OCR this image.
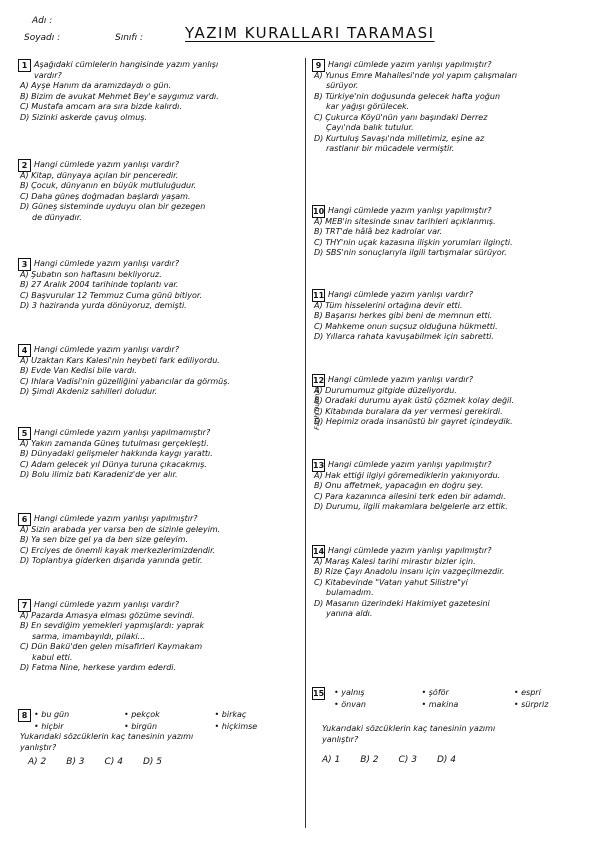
Adı :
Soyadı :	Sınıfı :	YAZIM KURALLARI TARAMASI
Fatih Durmaz
1 Aşağıdaki cümlelerin hangisinde yazım yanlışı
vardır?
A) Ayşe Hanım da aramızdaydı o gün.
B) Bizim de avukat Mehmet Bey'e saygımız vardı.
C) Mustafa amcam ara sıra bizde kalırdı.
D) Sizinki askerde çavuş olmuş.
2 Hangi cümlede yazım yanlışı vardır?
A) Kitap, dünyaya açılan bir penceredir.
B) Çocuk, dünyanın en büyük mutluluğudur.
C) Daha güneş doğmadan başlardı yaşam.
D) Güneş sisteminde uyduyu olan bir gezegen
de dünyadır.
3 Hangi cümlede yazım yanlışı vardır?
A) Şubatın son haftasını bekliyoruz.
B) 27 Aralık 2004 tarihinde toplantı var.
C) Başvurular 12 Temmuz Cuma günü bitiyor.
D) 3 haziranda yurda dönüyoruz, demişti.
4 Hangi cümlede yazım yanlışı vardır?
A) Uzaktan Kars Kalesi'nin heybeti fark ediliyordu.
B) Evde Van Kedisi bile vardı.
C) Ihlara Vadisi'nin güzelliğini yabancılar da görmüş.
D) Şimdi Akdeniz sahilleri doludur.
5 Hangi cümlede yazım yanlışı yapılmamıştır?
A) Yakın zamanda Güneş tutulması gerçekleşti.
B) Dünyadaki gelişmeler hakkında kaygı yarattı.
C) Adam gelecek yıl Dünya turuna çıkacakmış.
D) Bolu ilimiz batı Karadeniz'de yer alır.
6 Hangi cümlede yazım yanlışı yapılmıştır?
A) Sizin arabada yer varsa ben de sizinle geleyim.
B) Ya sen bize gel ya da ben size geleyim.
C) Erciyes de önemli kayak merkezlerimizdendir.
D) Toplantıya giderken dışarıda yanında getir.
7 Hangi cümlede yazım yanlışı vardır?
A) Pazarda Amasya elması gözüme sevindi.
B) En sevdiğim yemekleri yapmışlardı: yaprak
sarma, imambayıldı, pilaki...
C) Dün Bakü'den gelen misafirleri Kaymakam
kabul etti.
D) Fatma Nine, herkese yardım ederdi.
8 • bu gün	• pekçok	• birkaç
• hiçbir	• birgün	• hiçkimse
Yukarıdaki sözcüklerin kaç tanesinin yazımı
yanlıştır?
A) 2 B) 3 C) 4 D) 5
9 Hangi cümlede yazım yanlışı yapılmıştır?
A) Yunus Emre Mahallesi'nde yol yapım çalışmaları
sürüyor.
B) Türkiye'nin doğusunda gelecek hafta yoğun
kar yağışı görülecek.
C) Çukurca Köyü'nün yanı başındaki Derrez
Çayı'nda balık tutulur.
D) Kurtuluş Savaşı'nda milletimiz, eşine az
rastlanır bir mücadele vermiştir.
10 Hangi cümlede yazım yanlışı yapılmıştır?
A) MEB'in sitesinde sınav tarihleri açıklanmış.
B) TRT'de hâlâ bez kadrolar var.
C) THY'nin uçak kazasına ilişkin yorumları ilginçti.
D) SBS'nin sonuçlarıyla ilgili tartışmalar sürüyor.
11 Hangi cümlede yazım yanlışı vardır?
A) Tüm hisselerini ortağına devir etti.
B) Başarısı herkes gibi beni de memnun etti.
C) Mahkeme onun suçsuz olduğuna hükmetti.
D) Yıllarca rahata kavuşabilmek için sabretti.
12 Hangi cümlede yazım yanlışı vardır?
A) Durumumuz gitgide düzeliyordu.
B) Oradaki durumu ayak üstü çözmek kolay değil.
C) Kitabında buralara da yer vermesi gerekirdi.
D) Hepimiz orada insanüstü bir gayret içindeydik.
13 Hangi cümlede yazım yanlışı yapılmıştır?
A) Hak ettiği ilgiyi göremediklerin yakınıyordu.
B) Onu affetmek, yapacağın en doğru şey.
C) Para kazanınca ailesini terk eden bir adamdı.
D) Durumu, ilgili makamlara belgelerle arz ettik.
14 Hangi cümlede yazım yanlışı yapılmıştır?
A) Maraş Kalesi tarihi mirastır bizler için.
B) Rize Çayı Anadolu insanı için vazgeçilmezdir.
C) Kitabevinde "Vatan yahut Silistre"yi
bulamadım.
D) Masanın üzerindeki Hakimiyet gazetesini
yanına aldı.
15 • yalnış	• şöför	• espri
• önvan	• makina	• sürpriz
Yukarıdaki sözcüklerin kaç tanesinin yazımı
yanlıştır?
A) 1 B) 2 C) 3 D) 4
